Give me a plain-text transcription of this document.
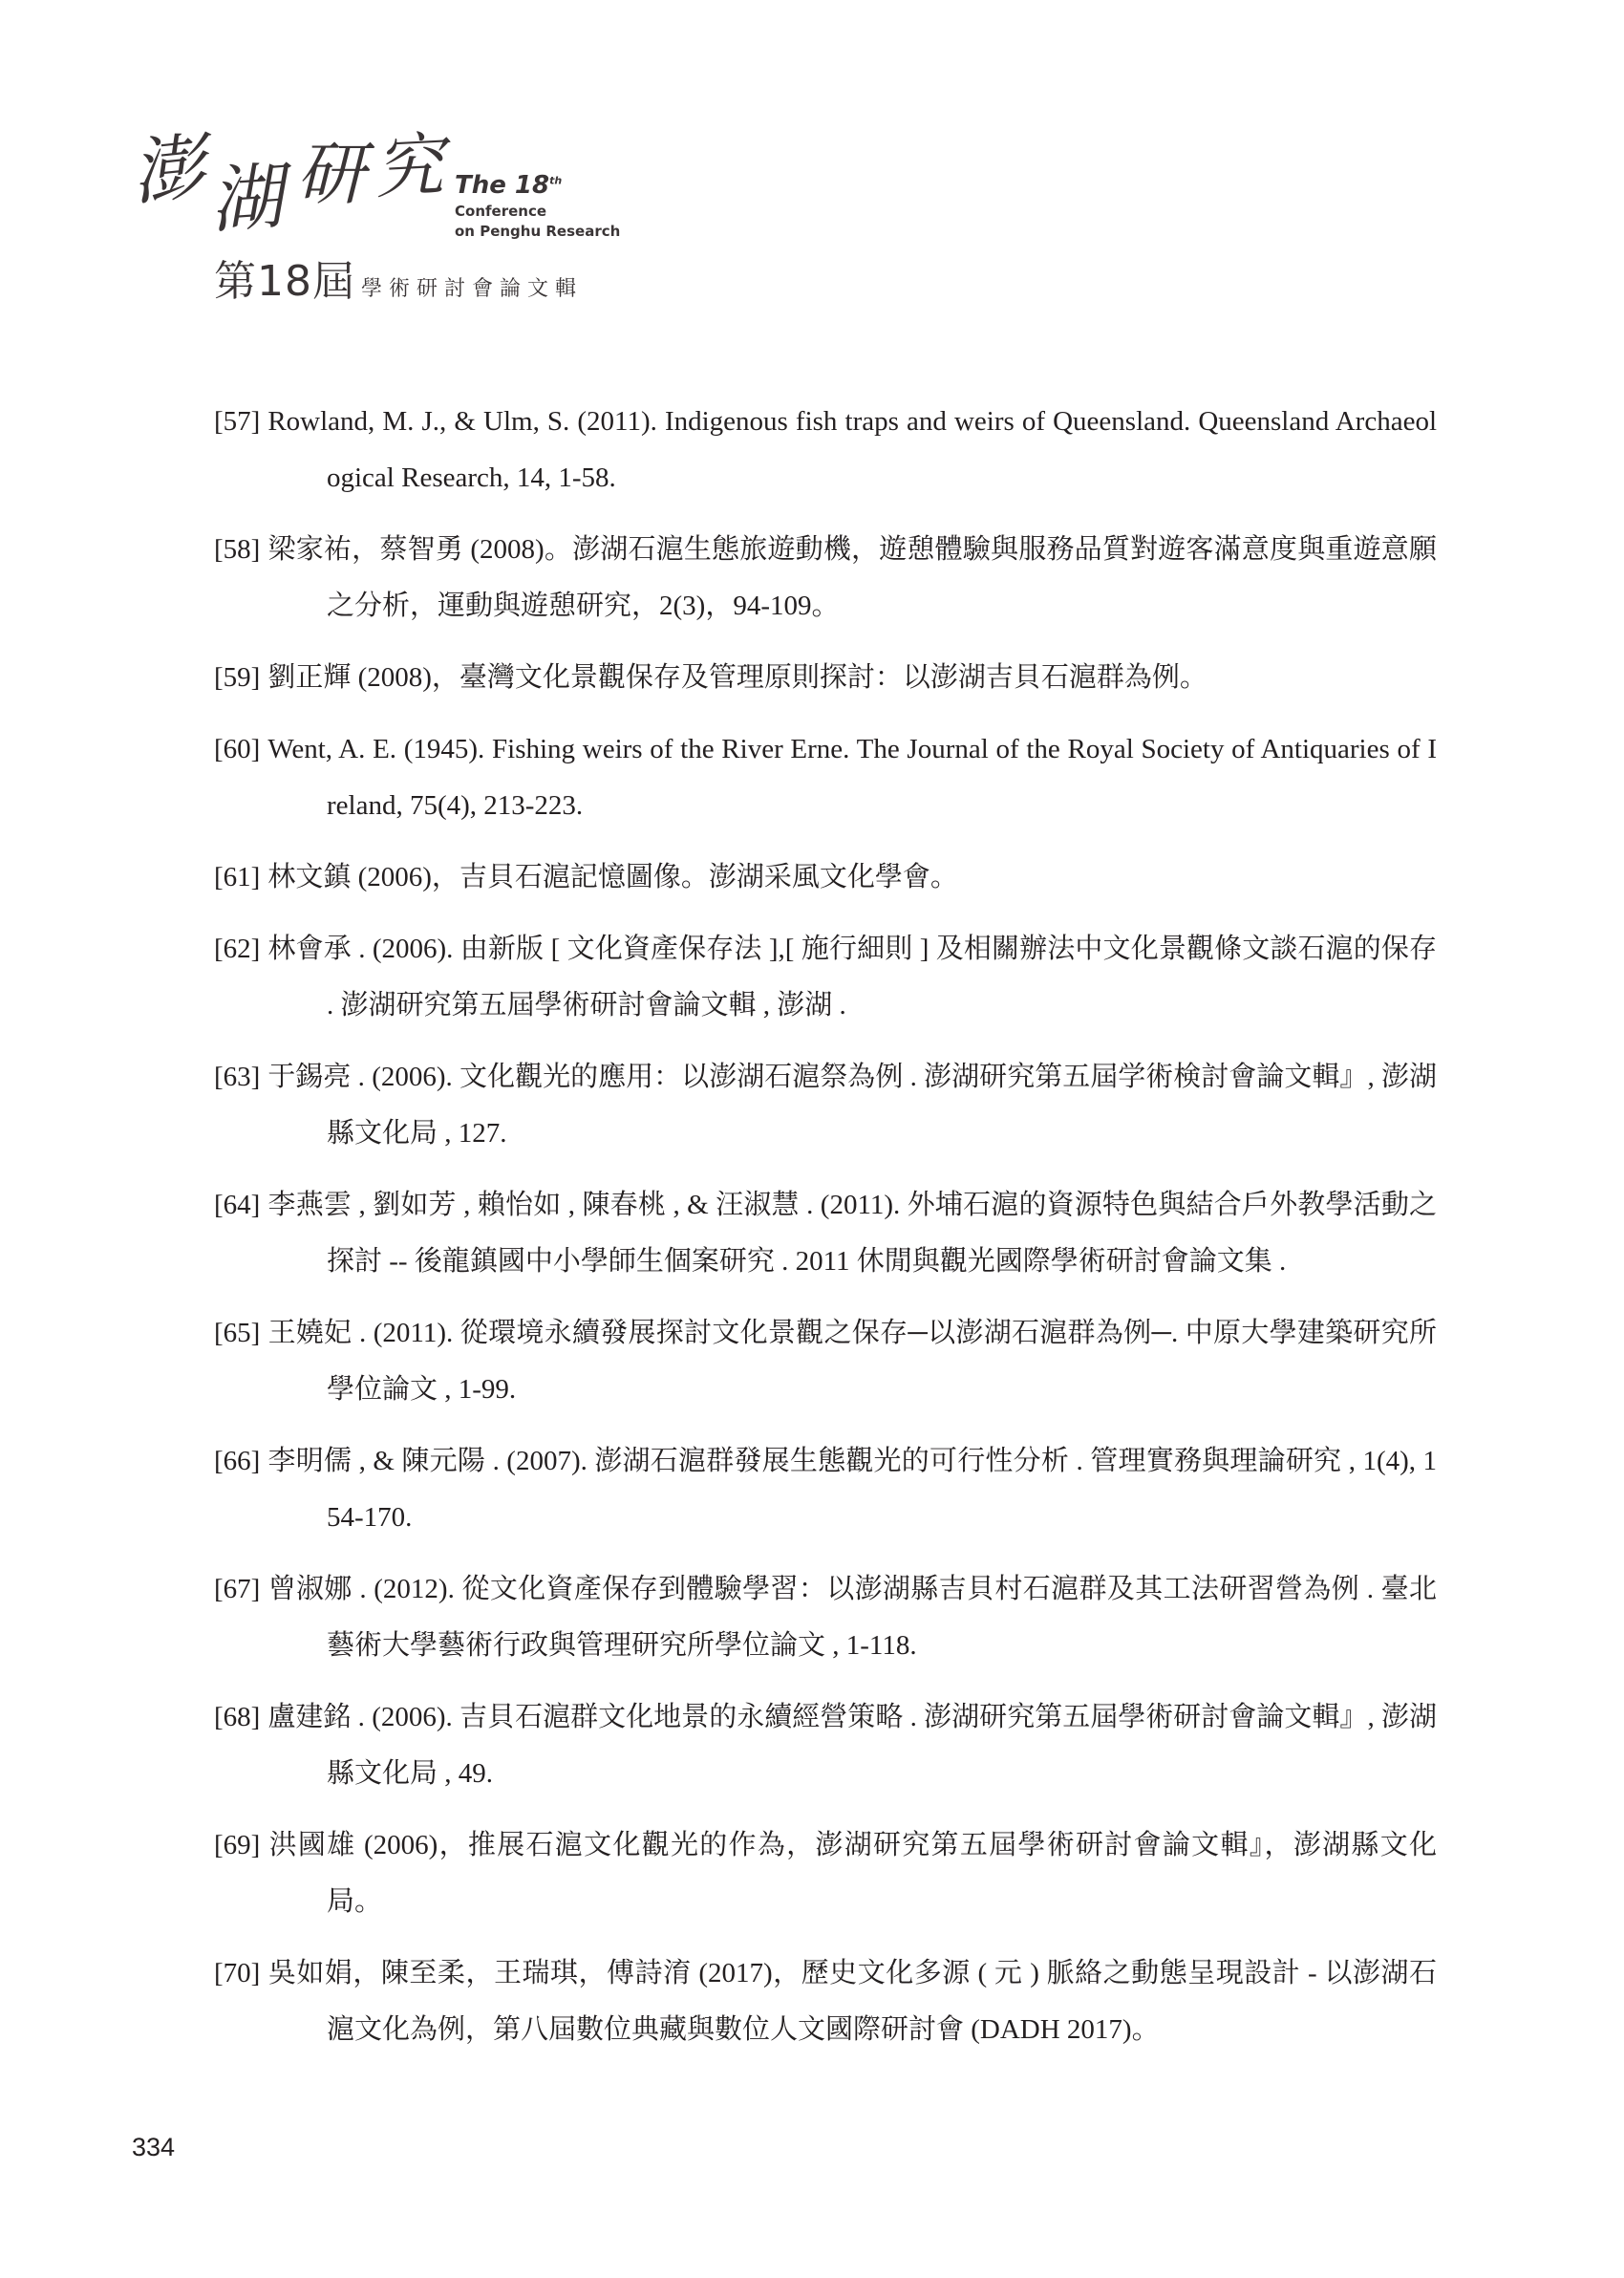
澎
湖 研 究 The 18th
Conference
on Penghu Research
第18屆 學術研討會論文輯
[57] Rowland, M. J., & Ulm, S. (2011). Indigenous fish traps and weirs of Queensland. Queensland Archaeological Research, 14, 1-58.
[58] 梁家祐，蔡智勇 (2008)。澎湖石滬生態旅遊動機，遊憩體驗與服務品質對遊客滿意度與重遊意願之分析，運動與遊憩研究，2(3)，94-109。
[59] 劉正輝 (2008)，臺灣文化景觀保存及管理原則探討：以澎湖吉貝石滬群為例。
[60] Went, A. E. (1945). Fishing weirs of the River Erne. The Journal of the Royal Society of Antiquaries of Ireland, 75(4), 213-223.
[61] 林文鎮 (2006)，吉貝石滬記憶圖像。澎湖采風文化學會。
[62] 林會承 . (2006). 由新版 [ 文化資產保存法 ],[ 施行細則 ] 及相關辦法中文化景觀條文談石滬的保存 . 澎湖研究第五屆學術研討會論文輯 , 澎湖 .
[63] 于錫亮 . (2006). 文化觀光的應用：以澎湖石滬祭為例 . 澎湖研究第五屆学術検討會論文輯』, 澎湖縣文化局 , 127.
[64] 李燕雲 , 劉如芳 , 賴怡如 , 陳春桃 , & 汪淑慧 . (2011). 外埔石滬的資源特色與結合戶外教學活動之探討 -- 後龍鎮國中小學師生個案研究 . 2011 休閒與觀光國際學術研討會論文集 .
[65] 王嬈妃 . (2011). 從環境永續發展探討文化景觀之保存─以澎湖石滬群為例─. 中原大學建築研究所學位論文 , 1-99.
[66] 李明儒 , & 陳元陽 . (2007). 澎湖石滬群發展生態觀光的可行性分析 . 管理實務與理論研究 , 1(4), 154-170.
[67] 曾淑娜 . (2012). 從文化資產保存到體驗學習：以澎湖縣吉貝村石滬群及其工法研習營為例 . 臺北藝術大學藝術行政與管理研究所學位論文 , 1-118.
[68] 盧建銘 . (2006). 吉貝石滬群文化地景的永續經營策略 . 澎湖研究第五屆學術研討會論文輯』, 澎湖縣文化局 , 49.
[69] 洪國雄 (2006)，推展石滬文化觀光的作為，澎湖研究第五屆學術研討會論文輯』，澎湖縣文化局。
[70] 吳如娟，陳至柔，王瑞琪，傅詩淯 (2017)，歷史文化多源 ( 元 ) 脈絡之動態呈現設計 - 以澎湖石滬文化為例，第八屆數位典藏與數位人文國際研討會 (DADH 2017)。
334
